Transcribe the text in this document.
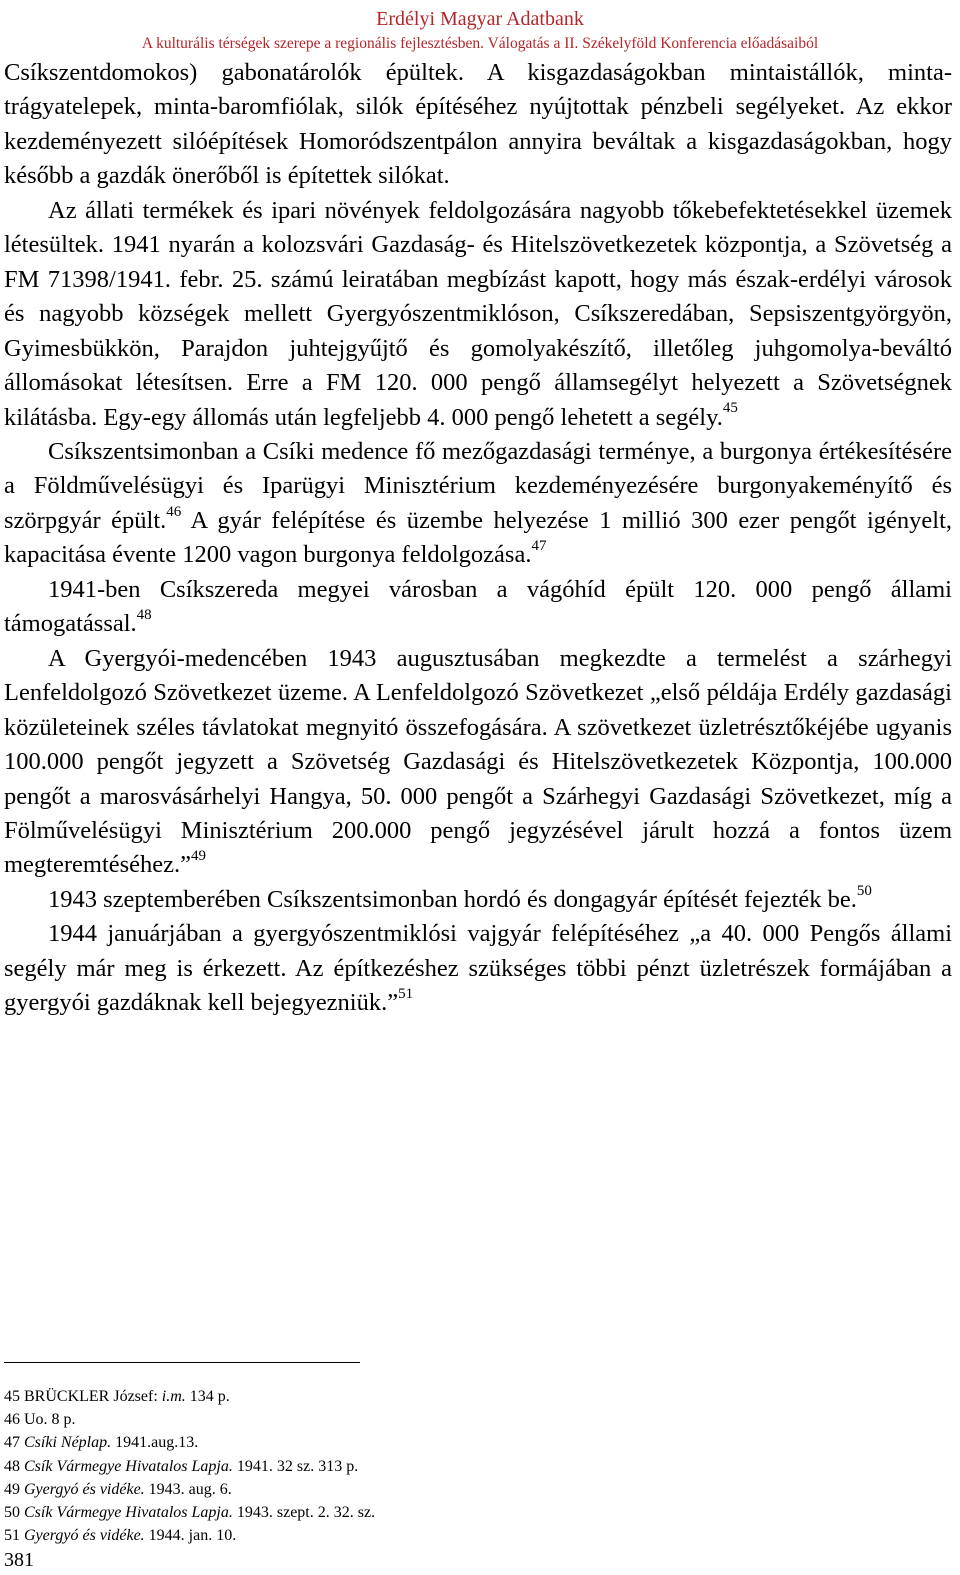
Erdélyi Magyar Adatbank
A kulturális térségek szerepe a regionális fejlesztésben. Válogatás a II. Székelyföld Konferencia előadásaiból

Csíkszentdomokos) gabonatárolók épültek. A kisgazdaságokban mintaistállók, minta-trágyatelepek, minta-baromfiólak, silók építéséhez nyújtottak pénzbeli segélyeket. Az ekkor kezdeményezett silóépítések Homoródszentpálon annyira beváltak a kisgazdaságokban, hogy később a gazdák önerőből is építettek silókat.

Az állati termékek és ipari növények feldolgozására nagyobb tőkebefektetésekkel üzemek létesültek. 1941 nyarán a kolozsvári Gazdaság- és Hitelszövetkezetek központja, a Szövetség a FM 71398/1941. febr. 25. számú leiratában megbízást kapott, hogy más észak-erdélyi városok és nagyobb községek mellett Gyergyószentmiklóson, Csíkszeredában, Sepsiszentgyörgyön, Gyimesbükkön, Parajdon juhtejgyűjtő és gomolyakészítő, illetőleg juhgomolya-beváltó állomásokat létesítsen. Erre a FM 120. 000 pengő államsegélyt helyezett a Szövetségnek kilátásba. Egy-egy állomás után legfeljebb 4. 000 pengő lehetett a segély.$^{45}$

Csíkszentsimonban a Csíki medence fő mezőgazdasági terménye, a burgonya értékesítésére a Földművelésügyi és Iparügyi Minisztérium kezdeményezésére burgonyakeményítő és szörpgyár épült.$^{46}$ A gyár felépítése és üzembe helyezése 1 millió 300 ezer pengőt igényelt, kapacitása évente 1200 vagon burgonya feldolgozása.$^{47}$

1941-ben Csíkszereda megyei városban a vágóhíd épült 120. 000 pengő állami támogatással.$^{48}$

A Gyergyói-medencében 1943 augusztusában megkezdte a termelést a szárhegyi Lenfeldolgozó Szövetkezet üzeme. A Lenfeldolgozó Szövetkezet „első példája Erdély gazdasági közületeinek széles távlatokat megnyitó összefogására. A szövetkezet üzletrésztőkéjébe ugyanis 100.000 pengőt jegyzett a Szövetség Gazdasági és Hitelszövetkezetek Központja, 100.000 pengőt a marosvásárhelyi Hangya, 50. 000 pengőt a Szárhegyi Gazdasági Szövetkezet, míg a Fölművelésügyi Minisztérium 200.000 pengő jegyzésével járult hozzá a fontos üzem megteremtéséhez.”$^{49}$

1943 szeptemberében Csíkszentsimonban hordó és dongagyár építését fejezték be.$^{50}$

1944 januárjában a gyergyószentmiklósi vajgyár felépítéséhez „a 40. 000 Pengős állami segély már meg is érkezett. Az építkezéshez szükséges többi pénzt üzletrészek formájában a gyergyói gazdáknak kell bejegyezniük.”$^{51}$

45 BRÜCKLER József: i.m. 134 p.
46 Uo. 8 p.
47 Csíki Néplap. 1941.aug.13.
48 Csík Vármegye Hivatalos Lapja. 1941. 32 sz. 313 p.
49 Gyergyó és vidéke. 1943. aug. 6.
50 Csík Vármegye Hivatalos Lapja. 1943. szept. 2. 32. sz.
51 Gyergyó és vidéke. 1944. jan. 10.
381
